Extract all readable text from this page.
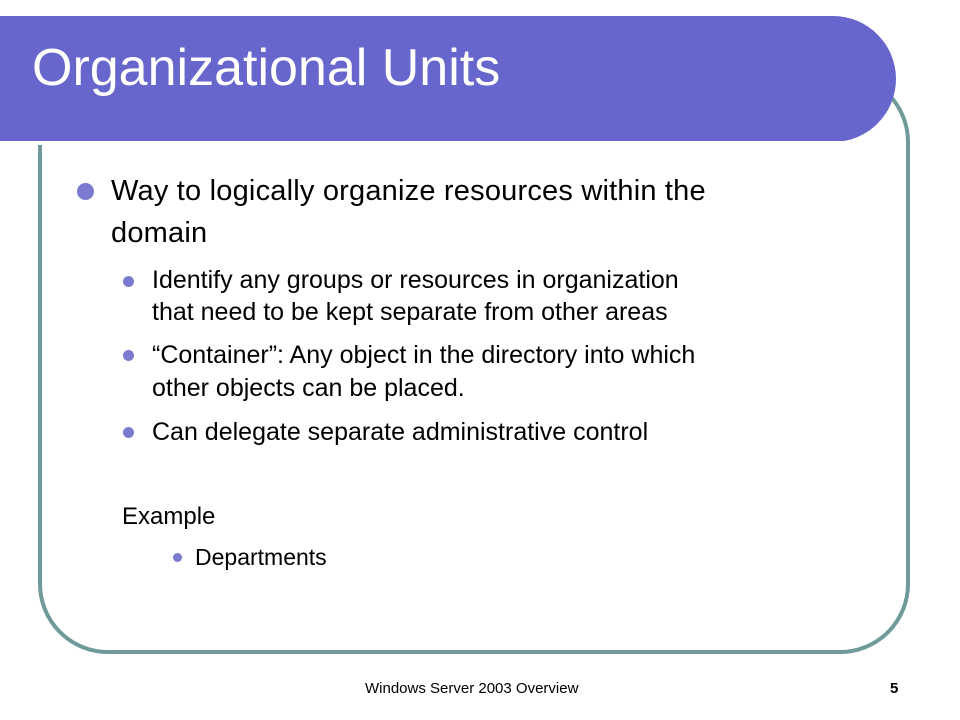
Organizational Units
Way to logically organize resources within the
domain
Identify any groups or resources in organization
that need to be kept separate from other areas
“Container”: Any object in the directory into which
other objects can be placed.
Can delegate separate administrative control
Example
Departments
Windows Server 2003 Overview	5
